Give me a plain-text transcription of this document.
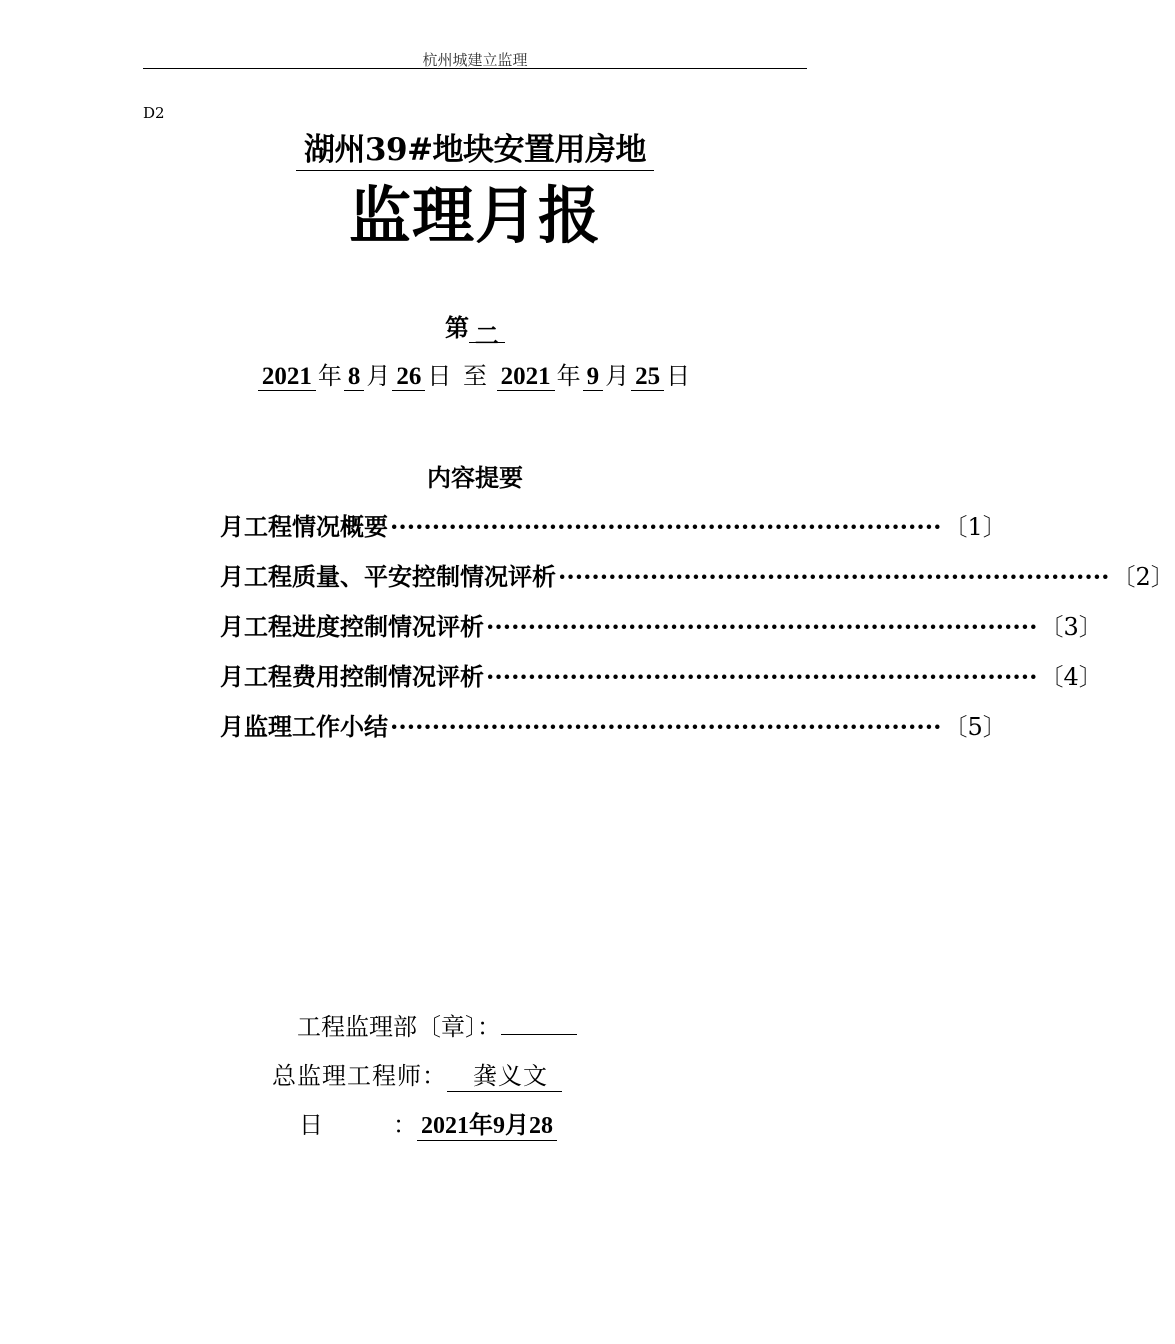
杭州城建立监理
D2
湖州39#地块安置用房地
监理月报
第 二
2021 年 8 月 26 日 至 2021 年 9 月 25 日
内容提要
月工程情况概要 ·································································· 〔1〕
月工程质量、平安控制情况评析 ·································································· 〔2〕
月工程进度控制情况评析 ·································································· 〔3〕
月工程费用控制情况评析 ·································································· 〔4〕
月监理工作小结 ·································································· 〔5〕
工程监理部〔章〕：
总监理工程师： 龚义文
日	： 2021年9月28
